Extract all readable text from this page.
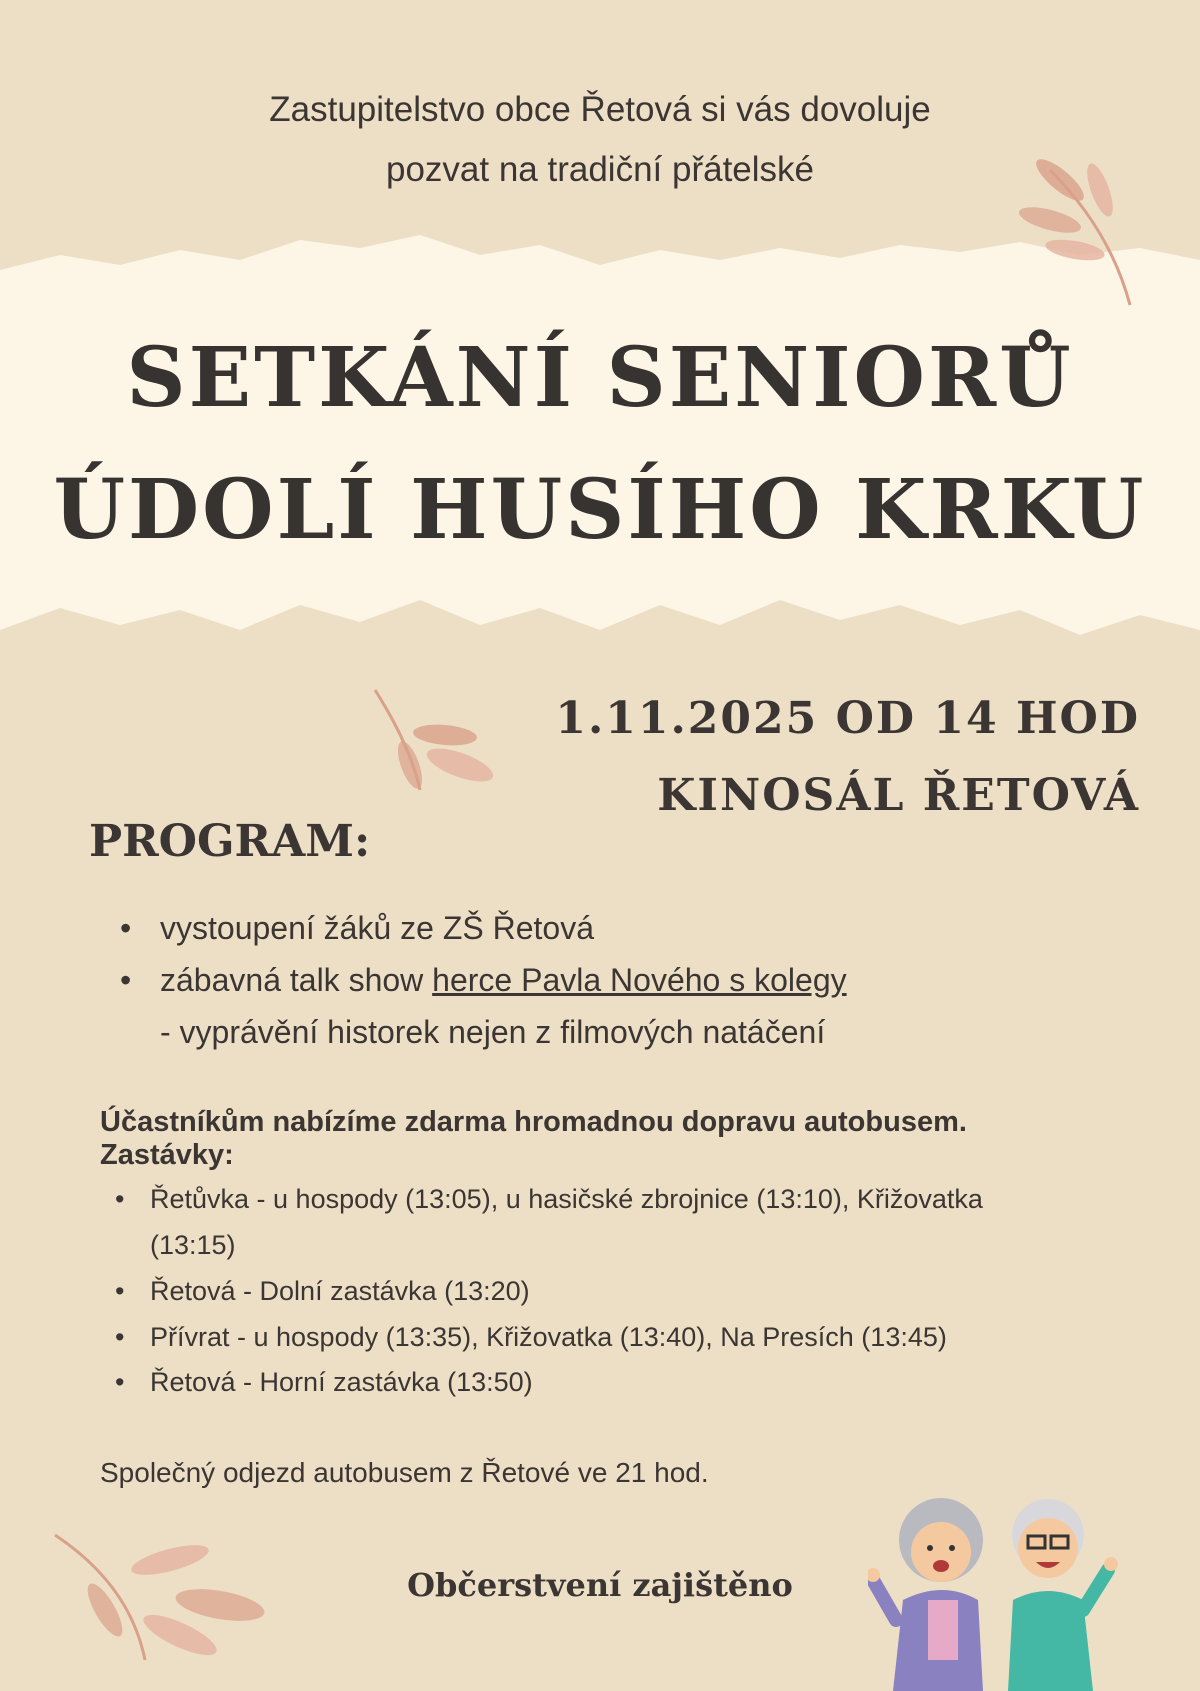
Zastupitelstvo obce Řetová si vás dovoluje
pozvat na tradiční přátelské
SETKÁNÍ SENIORŮ
ÚDOLÍ HUSÍHO KRKU
1.11.2025 OD 14 HOD
KINOSÁL ŘETOVÁ
PROGRAM:
• vystoupení žáků ze ZŠ Řetová
• zábavná talk show herce Pavla Nového s kolegy
- vyprávění historek nejen z filmových natáčení
Účastníkům nabízíme zdarma hromadnou dopravu autobusem.
Zastávky:
• Řetůvka - u hospody (13:05), u hasičské zbrojnice (13:10), Křižovatka
(13:15)
• Řetová - Dolní zastávka (13:20)
• Přívrat - u hospody (13:35), Křižovatka (13:40), Na Presích (13:45)
• Řetová - Horní zastávka (13:50)
Společný odjezd autobusem z Řetové ve 21 hod.
Občerstvení zajištěno
